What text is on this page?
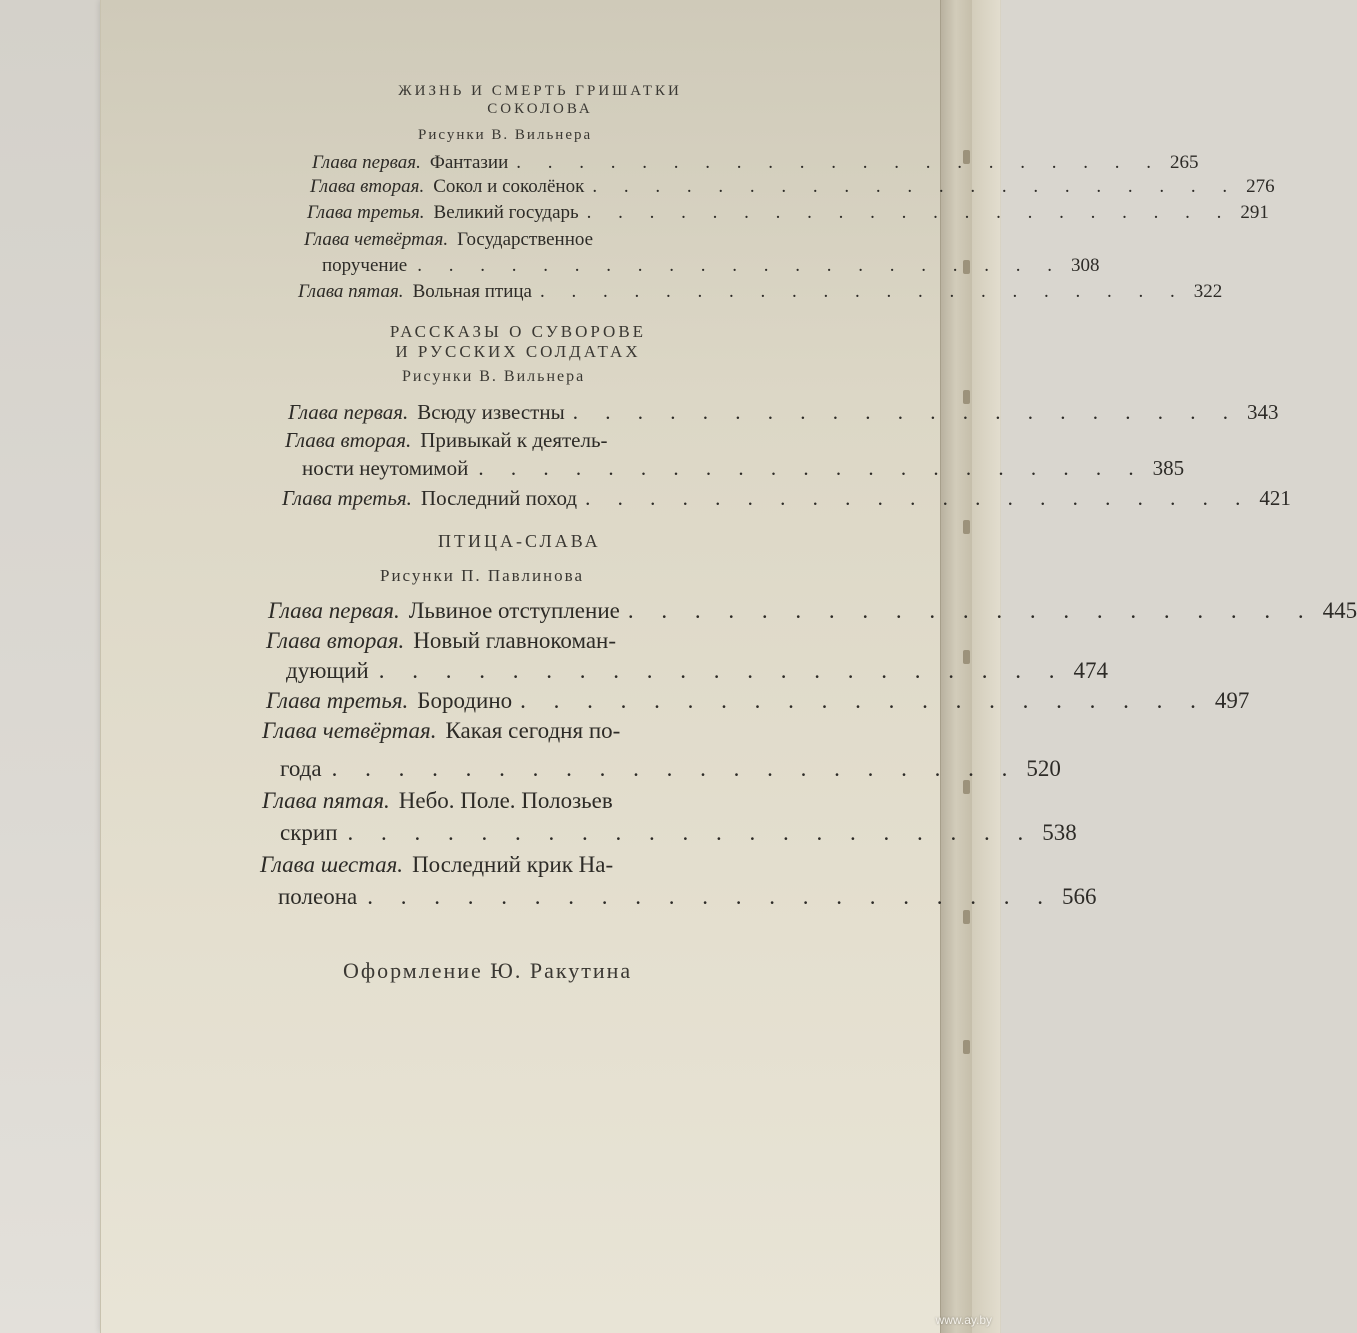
ЖИЗНЬ И СМЕРТЬ ГРИШАТКИ
СОКОЛОВА
Рисунки В. Вильнера
Глава первая. Фантазии . . . . . . . . . . . . . . . . . . . . . 265
Глава вторая. Сокол и соколёнок . . . . . . . . . . . . . . . . . . . . . 276
Глава третья. Великий государь . . . . . . . . . . . . . . . . . . . . . 291
Глава четвёртая. Государственное
поручение . . . . . . . . . . . . . . . . . . . . . 308
Глава пятая. Вольная птица . . . . . . . . . . . . . . . . . . . . . 322
РАССКАЗЫ О СУВОРОВЕ
И РУССКИХ СОЛДАТАХ
Рисунки В. Вильнера
Глава первая. Всюду известны . . . . . . . . . . . . . . . . . . . . . 343
Глава вторая. Привыкай к деятель-
ности неутомимой . . . . . . . . . . . . . . . . . . . . . 385
Глава третья. Последний поход . . . . . . . . . . . . . . . . . . . . . 421
ПТИЦА-СЛАВА
Рисунки П. Павлинова
Глава первая. Львиное отступление . . . . . . . . . . . . . . . . . . . . . 445
Глава вторая. Новый главнокоман-
дующий . . . . . . . . . . . . . . . . . . . . . 474
Глава третья. Бородино . . . . . . . . . . . . . . . . . . . . . 497
Глава четвёртая. Какая сегодня по-
года . . . . . . . . . . . . . . . . . . . . . 520
Глава пятая. Небо. Поле. Полозьев
скрип . . . . . . . . . . . . . . . . . . . . . 538
Глава шестая. Последний крик На-
полеона . . . . . . . . . . . . . . . . . . . . . 566
Оформление Ю. Ракутина
www.ay.by
